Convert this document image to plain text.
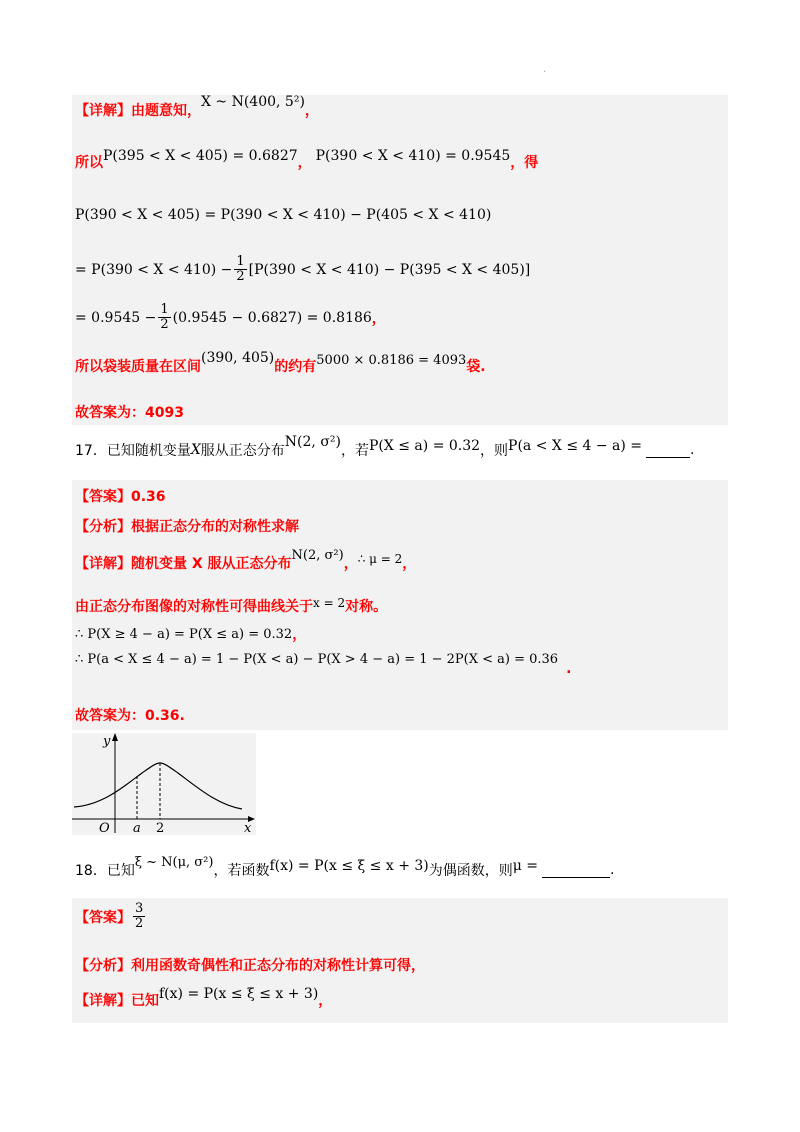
.
【详解】由题意知，
X ~ N(400, 5²)
，
所以 P(395 < X < 405) = 0.6827 ， P(390 < X < 410) = 0.9545 ，得
P(390 < X < 405) = P(390 < X < 410) − P(405 < X < 410)
= $P(390 < X < 410) - \frac{1}{2} [P(390 < X < 410) - P(395 < X < 405)]$
= $0.9545 - \frac{1}{2} (0.9545 - 0.6827) = 0.8186$ ，
所以袋装质量在区间
(390, 405)
的约有 5000 × 0.8186 = 4093 袋.
故答案为：4093
17．已知随机变量 X 服从正态分布
N(2, σ²)
，若 P(X ≤ a) = 0.32 ，则 P(a < X ≤ 4 − a) =	.
【答案】0.36
【分析】根据正态分布的对称性求解
【详解】随机变量 X 服从正态分布
N(2, σ²)
， ∴ μ = 2 ，
由正态分布图像的对称性可得曲线关于 x = 2 对称。
∴ P(X ≥ 4 − a) = P(X ≤ a) = 0.32 ，
∴ P(a < X ≤ 4 − a) = 1 − P(X < a) − P(X > 4 − a) = 1 − 2P(X < a) = 0.36
.
故答案为：0.36.
y
x
O a 2
18．已知
ξ ~ N(μ, σ²)
，若函数 f(x) = P(x ≤ ξ ≤ x + 3) 为偶函数，则 μ =	.
【答案】 $\frac{3}{2}$
【分析】利用函数奇偶性和正态分布的对称性计算可得，
【详解】已知 f(x) = P(x ≤ ξ ≤ x + 3) ，
